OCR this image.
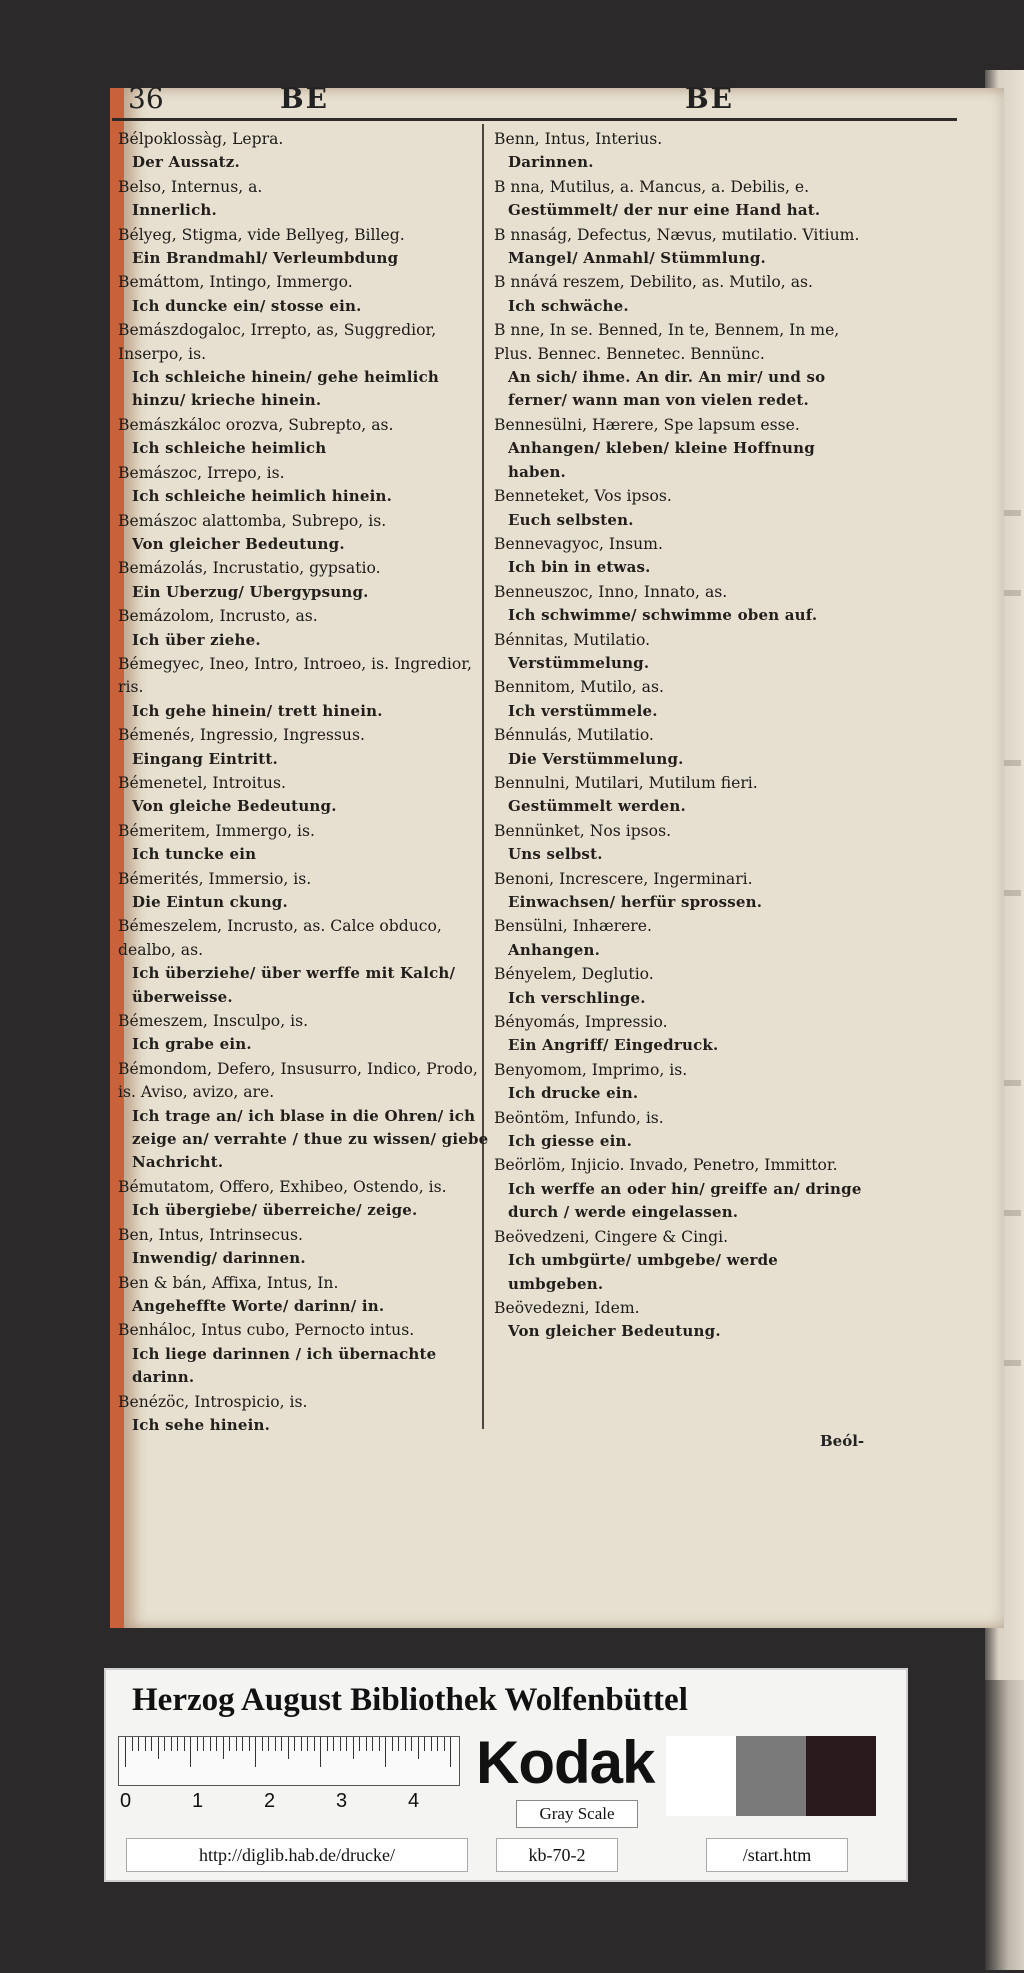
36	BE	BE
Bélpoklossàg, Lepra.
Der Aussatz.
Belso, Internus, a.
Innerlich.
Bélyeg, Stigma, vide Bellyeg, Billeg.
Ein Brandmahl/ Verleumbdung
Bemáttom, Intingo, Immergo.
Ich duncke ein/ stosse ein.
Bemászdogaloc, Irrepto, as, Suggredior, Inserpo, is.
Ich schleiche hinein/ gehe heimlich hinzu/ krieche hinein.
Bemászkáloc orozva, Subrepto, as.
Ich schleiche heimlich
Bemászoc, Irrepo, is.
Ich schleiche heimlich hinein.
Bemászoc alattomba, Subrepo, is.
Von gleicher Bedeutung.
Bemázolás, Incrustatio, gypsatio.
Ein Uberzug/ Ubergypsung.
Bemázolom, Incrusto, as.
Ich über ziehe.
Bémegyec, Ineo, Intro, Introeo, is. Ingredior, ris.
Ich gehe hinein/ trett hinein.
Bémenés, Ingressio, Ingressus.
Eingang Eintritt.
Bémenetel, Introitus.
Von gleiche Bedeutung.
Bémeritem, Immergo, is.
Ich tuncke ein
Bémerités, Immersio, is.
Die Eintun ckung.
Bémeszelem, Incrusto, as. Calce obduco, dealbo, as.
Ich überziehe/ über werffe mit Kalch/ überweisse.
Bémeszem, Insculpo, is.
Ich grabe ein.
Bémondom, Defero, Insusurro, Indico, Prodo, is. Aviso, avizo, are.
Ich trage an/ ich blase in die Ohren/ ich zeige an/ verrahte / thue zu wissen/ giebe Nachricht.
Bémutatom, Offero, Exhibeo, Ostendo, is.
Ich übergiebe/ überreiche/ zeige.
Ben, Intus, Intrinsecus.
Inwendig/ darinnen.
Ben & bán, Affixa, Intus, In.
Angeheffte Worte/ darinn/ in.
Benháloc, Intus cubo, Pernocto intus.
Ich liege darinnen / ich übernachte darinn.
Benézöc, Introspicio, is.
Ich sehe hinein.
Benn, Intus, Interius.
Darinnen.
B nna, Mutilus, a. Mancus, a. Debilis, e.
Gestümmelt/ der nur eine Hand hat.
B nnaság, Defectus, Nævus, mutilatio. Vitium.
Mangel/ Anmahl/ Stümmlung.
B nnává reszem, Debilito, as. Mutilo, as.
Ich schwäche.
B nne, In se. Benned, In te, Bennem, In me, Plus. Bennec. Bennetec. Bennünc.
An sich/ ihme. An dir. An mir/ und so ferner/ wann man von vielen redet.
Bennesülni, Hærere, Spe lapsum esse.
Anhangen/ kleben/ kleine Hoffnung haben.
Benneteket, Vos ipsos.
Euch selbsten.
Bennevagyoc, Insum.
Ich bin in etwas.
Benneuszoc, Inno, Innato, as.
Ich schwimme/ schwimme oben auf.
Bénnitas, Mutilatio.
Verstümmelung.
Bennitom, Mutilo, as.
Ich verstümmele.
Bénnulás, Mutilatio.
Die Verstümmelung.
Bennulni, Mutilari, Mutilum fieri.
Gestümmelt werden.
Bennünket, Nos ipsos.
Uns selbst.
Benoni, Increscere, Ingerminari.
Einwachsen/ herfür sprossen.
Bensülni, Inhærere.
Anhangen.
Bényelem, Deglutio.
Ich verschlinge.
Bényomás, Impressio.
Ein Angriff/ Eingedruck.
Benyomom, Imprimo, is.
Ich drucke ein.
Beöntöm, Infundo, is.
Ich giesse ein.
Beörlöm, Injicio. Invado, Penetro, Immittor.
Ich werffe an oder hin/ greiffe an/ dringe durch / werde eingelassen.
Beövedzeni, Cingere & Cingi.
Ich umbgürte/ umbgebe/ werde umbgeben.
Beövedezni, Idem.
Von gleicher Bedeutung.
Beól-
Herzog August Bibliothek Wolfenbüttel
0	1	2	3	4
Kodak
Gray Scale
http://diglib.hab.de/drucke/	kb-70-2	/start.htm
